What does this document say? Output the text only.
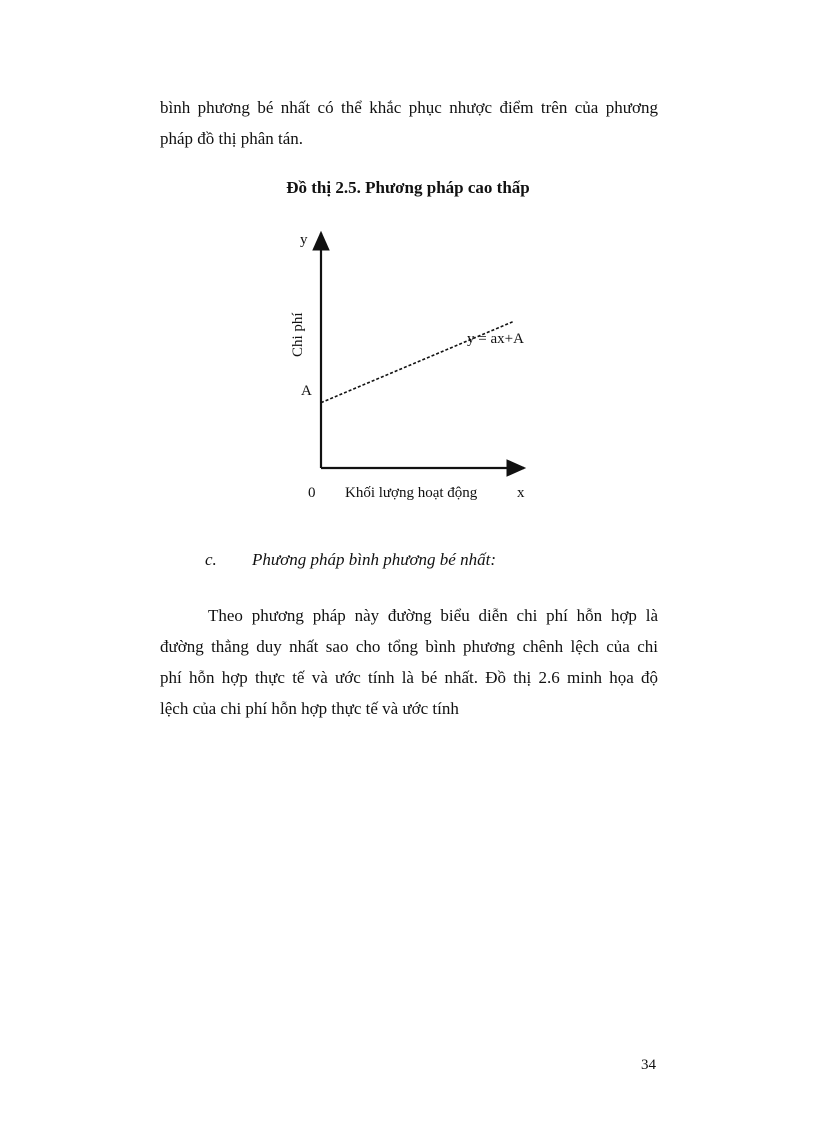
bình phương bé nhất có thể khắc phục nhược điểm trên của phương
pháp đồ thị phân tán.

Đồ thị 2.5. Phương pháp cao thấp

y
Chi phí	y = ax+A
A
0 Khối lượng hoạt động	x

c. Phương pháp bình phương bé nhất:

Theo phương pháp này đường biểu diễn chi phí hỗn hợp là
đường thẳng duy nhất sao cho tổng bình phương chênh lệch của chi
phí hỗn hợp thực tế và ước tính là bé nhất. Đồ thị 2.6 minh họa độ
lệch của chi phí hỗn hợp thực tế và ước tính
34
